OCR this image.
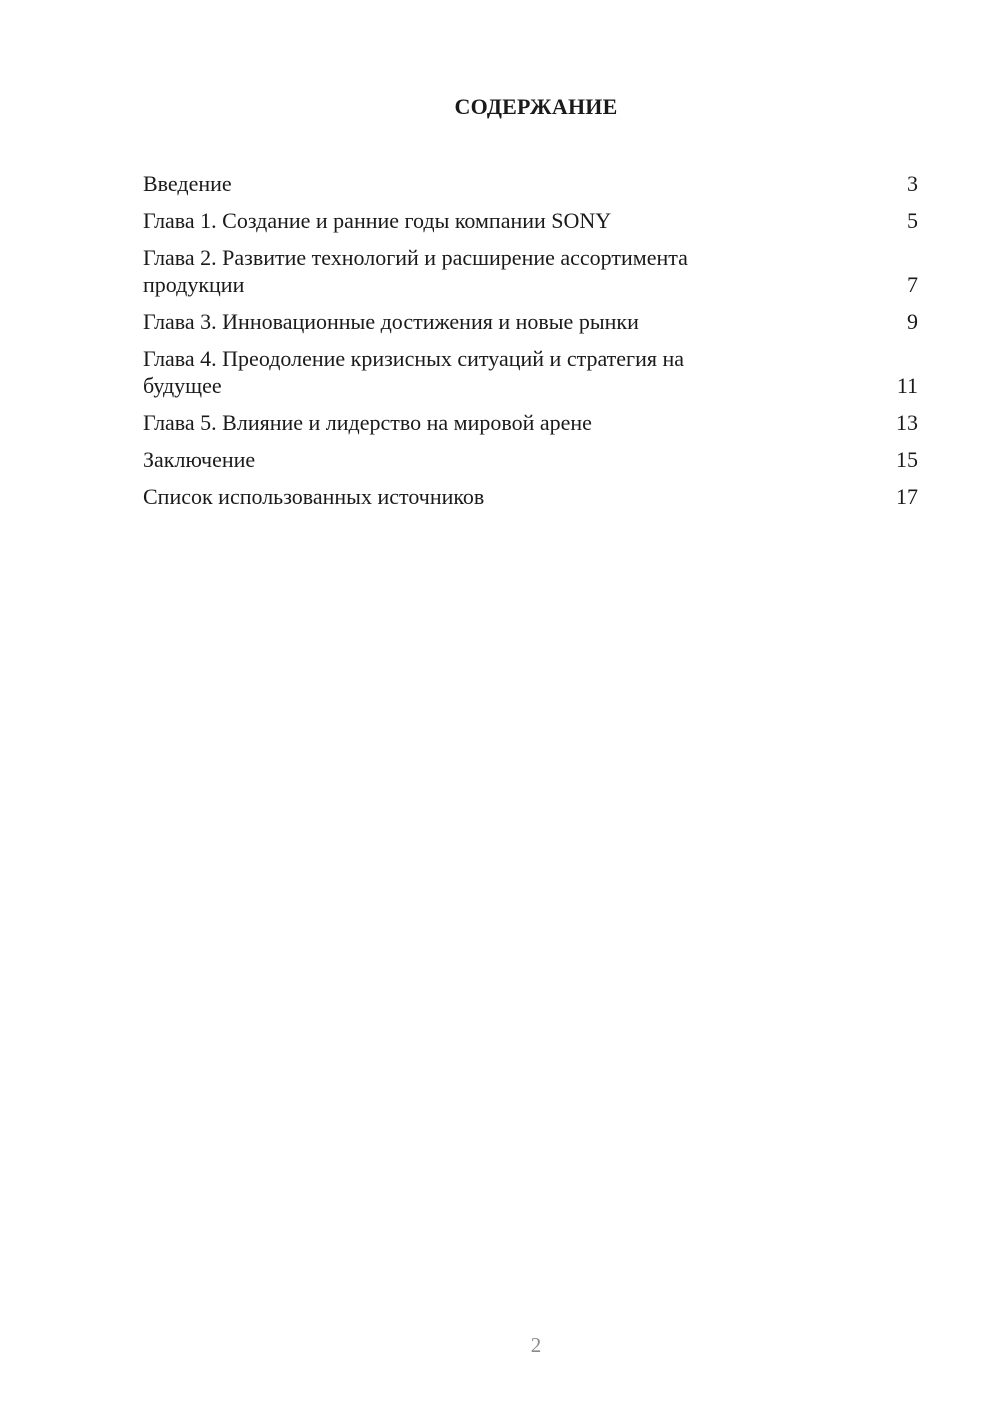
СОДЕРЖАНИЕ
Введение	3
Глава 1. Создание и ранние годы компании SONY	5
Глава 2. Развитие технологий и расширение ассортимента продукции	7
Глава 3. Инновационные достижения и новые рынки	9
Глава 4. Преодоление кризисных ситуаций и стратегия на будущее	11
Глава 5. Влияние и лидерство на мировой арене	13
Заключение	15
Список использованных источников	17
2
